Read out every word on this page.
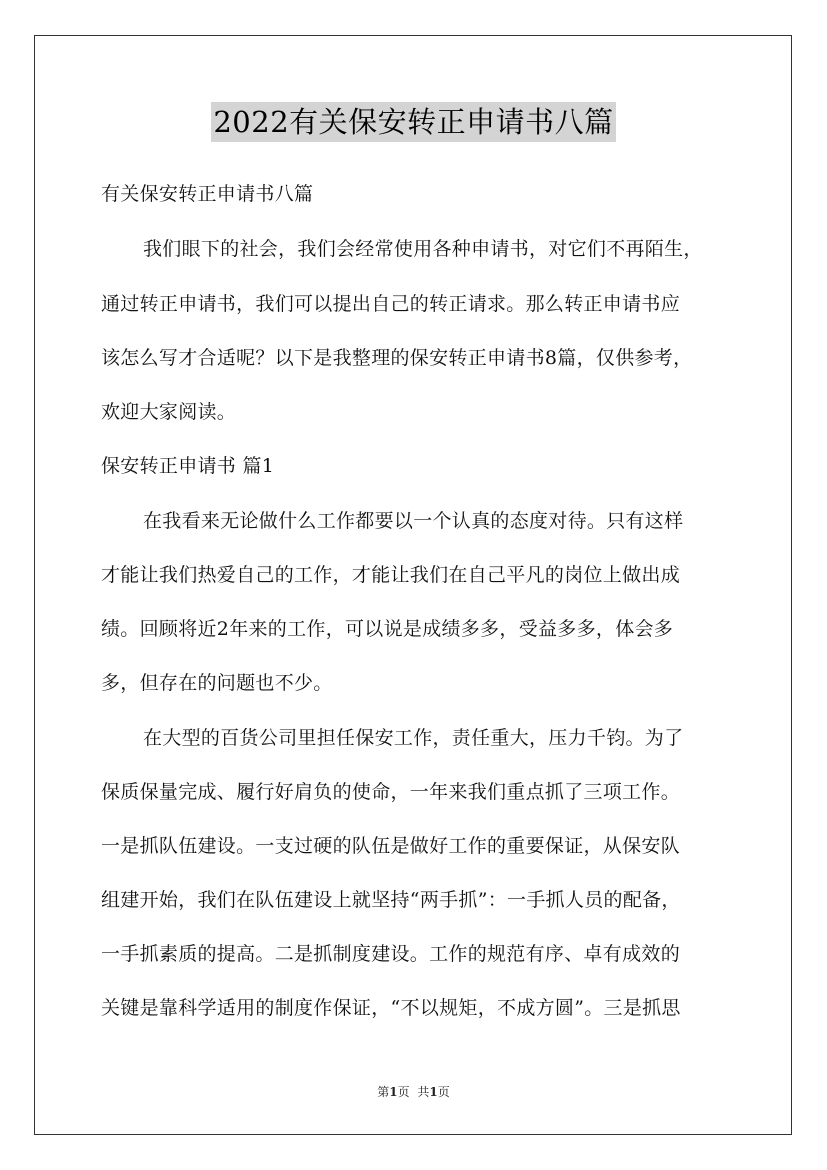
2022有关保安转正申请书八篇
有关保安转正申请书八篇
我们眼下的社会，我们会经常使用各种申请书，对它们不再陌生，
通过转正申请书，我们可以提出自己的转正请求。那么转正申请书应
该怎么写才合适呢？以下是我整理的保安转正申请书8篇，仅供参考，
欢迎大家阅读。
保安转正申请书 篇1
在我看来无论做什么工作都要以一个认真的态度对待。只有这样
才能让我们热爱自己的工作，才能让我们在自己平凡的岗位上做出成
绩。回顾将近2年来的工作，可以说是成绩多多，受益多多，体会多
多，但存在的问题也不少。
在大型的百货公司里担任保安工作，责任重大，压力千钧。为了
保质保量完成、履行好肩负的使命，一年来我们重点抓了三项工作。
一是抓队伍建设。一支过硬的队伍是做好工作的重要保证，从保安队
组建开始，我们在队伍建设上就坚持“两手抓”：一手抓人员的配备，
一手抓素质的提高。二是抓制度建设。工作的规范有序、卓有成效的
关键是靠科学适用的制度作保证，“不以规矩，不成方圆”。三是抓思
第1页 共1页
